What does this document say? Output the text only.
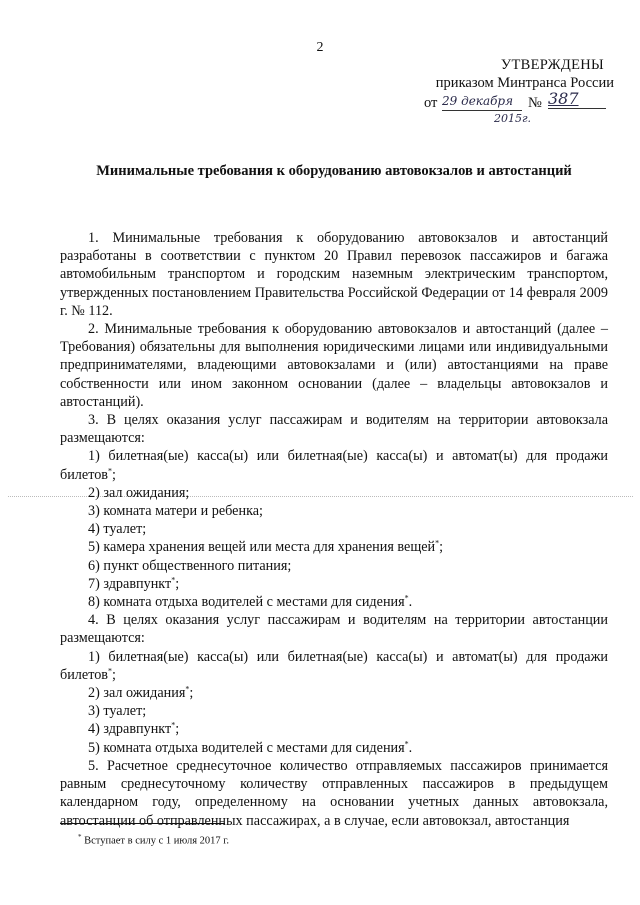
2
УТВЕРЖДЕНЫ
приказом Минтранса России
от 29 декабря	№ 387
2015г.
Минимальные требования к оборудованию автовокзалов и автостанций

1. Минимальные требования к оборудованию автовокзалов и автостанций разработаны в соответствии с пунктом 20 Правил перевозок пассажиров и багажа автомобильным транспортом и городским наземным электрическим транспортом, утвержденных постановлением Правительства Российской Федерации от 14 февраля 2009 г. № 112.

2. Минимальные требования к оборудованию автовокзалов и автостанций (далее – Требования) обязательны для выполнения юридическими лицами или индивидуальными предпринимателями, владеющими автовокзалами и (или) автостанциями на праве собственности или ином законном основании (далее – владельцы автовокзалов и автостанций).

3. В целях оказания услуг пассажирам и водителям на территории автовокзала размещаются:

1) билетная(ые) касса(ы) или билетная(ые) касса(ы) и автомат(ы) для продажи билетов*;

2) зал ожидания;

3) комната матери и ребенка;

4) туалет;

5) камера хранения вещей или места для хранения вещей*;

6) пункт общественного питания;

7) здравпункт*;

8) комната отдыха водителей с местами для сидения*.

4. В целях оказания услуг пассажирам и водителям на территории автостанции размещаются:

1) билетная(ые) касса(ы) или билетная(ые) касса(ы) и автомат(ы) для продажи билетов*;

2) зал ожидания*;

3) туалет;

4) здравпункт*;

5) комната отдыха водителей с местами для сидения*.

5. Расчетное среднесуточное количество отправляемых пассажиров принимается равным среднесуточному количеству отправленных пассажиров в предыдущем календарном году, определенному на основании учетных данных автовокзала, автостанции об отправленных пассажирах, а в случае, если автовокзал, автостанция

* Вступает в силу с 1 июля 2017 г.
